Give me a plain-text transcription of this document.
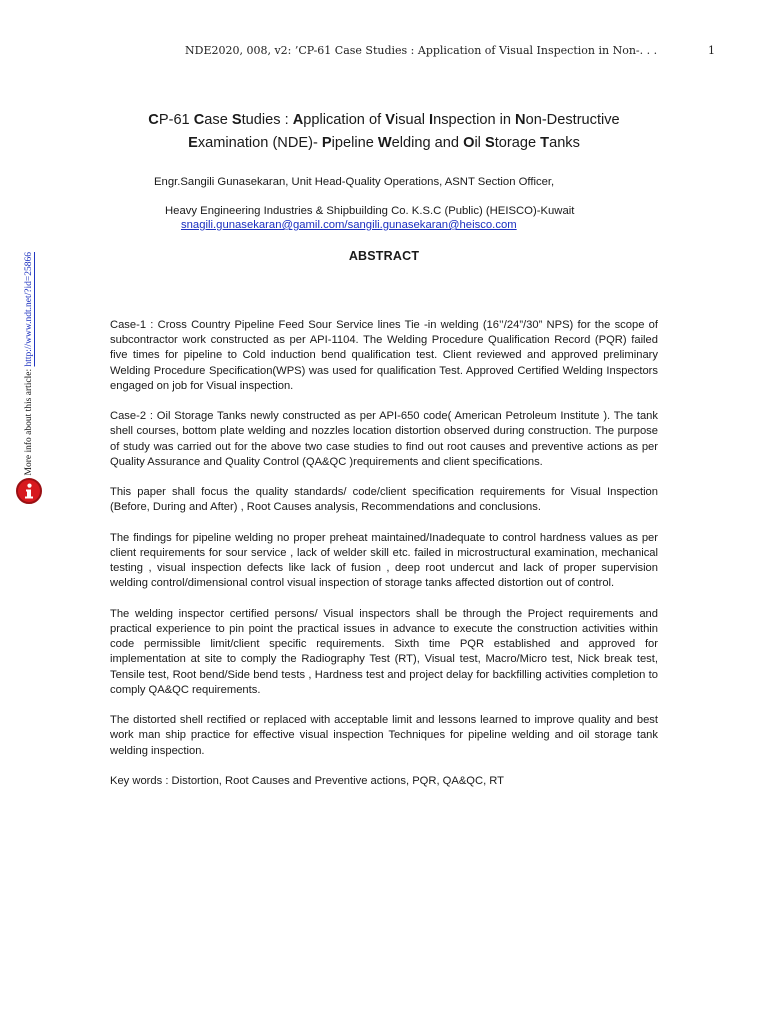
NDE2020, 008, v2: ’CP-61 Case Studies : Application of Visual Inspection in Non-. . .	1
More info about this article: http://www.ndt.net/?id=25866
CP-61 Case Studies : Application of Visual Inspection in Non-Destructive
Examination (NDE)- Pipeline Welding and Oil Storage Tanks
Engr.Sangili Gunasekaran, Unit Head-Quality Operations, ASNT Section Officer,
Heavy Engineering Industries & Shipbuilding Co. K.S.C (Public) (HEISCO)-Kuwait
snagili.gunasekaran@gamil.com/sangili.gunasekaran@heisco.com
ABSTRACT

Case-1 : Cross Country Pipeline Feed Sour Service lines Tie -in welding (16’’/24”/30” NPS) for the scope of subcontractor work constructed as per API-1104. The Welding Procedure Qualification Record (PQR) failed five times for pipeline to Cold induction bend qualification test. Client reviewed and approved preliminary Welding Procedure Specification(WPS) was used for qualification Test. Approved Certified Welding Inspectors engaged on job for Visual inspection.

Case-2 : Oil Storage Tanks newly constructed as per API-650 code( American Petroleum Institute ). The tank shell courses, bottom plate welding and nozzles location distortion observed during construction. The purpose of study was carried out for the above two case studies to find out root causes and preventive actions as per Quality Assurance and Quality Control (QA&QC )requirements and client specifications.

This paper shall focus the quality standards/ code/client specification requirements for Visual Inspection (Before, During and After) , Root Causes analysis, Recommendations and conclusions.

The findings for pipeline welding no proper preheat maintained/Inadequate to control hardness values as per client requirements for sour service , lack of welder skill etc. failed in microstructural examination, mechanical testing , visual inspection defects like lack of fusion , deep root undercut and lack of proper supervision welding control/dimensional control visual inspection of storage tanks affected distortion out of control.

The welding inspector certified persons/ Visual inspectors shall be through the Project requirements and practical experience to pin point the practical issues in advance to execute the construction activities within code permissible limit/client specific requirements. Sixth time PQR established and approved for implementation at site to comply the Radiography Test (RT), Visual test, Macro/Micro test, Nick break test, Tensile test, Root bend/Side bend tests , Hardness test and project delay for backfilling activities completion to comply QA&QC requirements.

The distorted shell rectified or replaced with acceptable limit and lessons learned to improve quality and best work man ship practice for effective visual inspection Techniques for pipeline welding and oil storage tank welding inspection.

Key words : Distortion, Root Causes and Preventive actions, PQR, QA&QC, RT
